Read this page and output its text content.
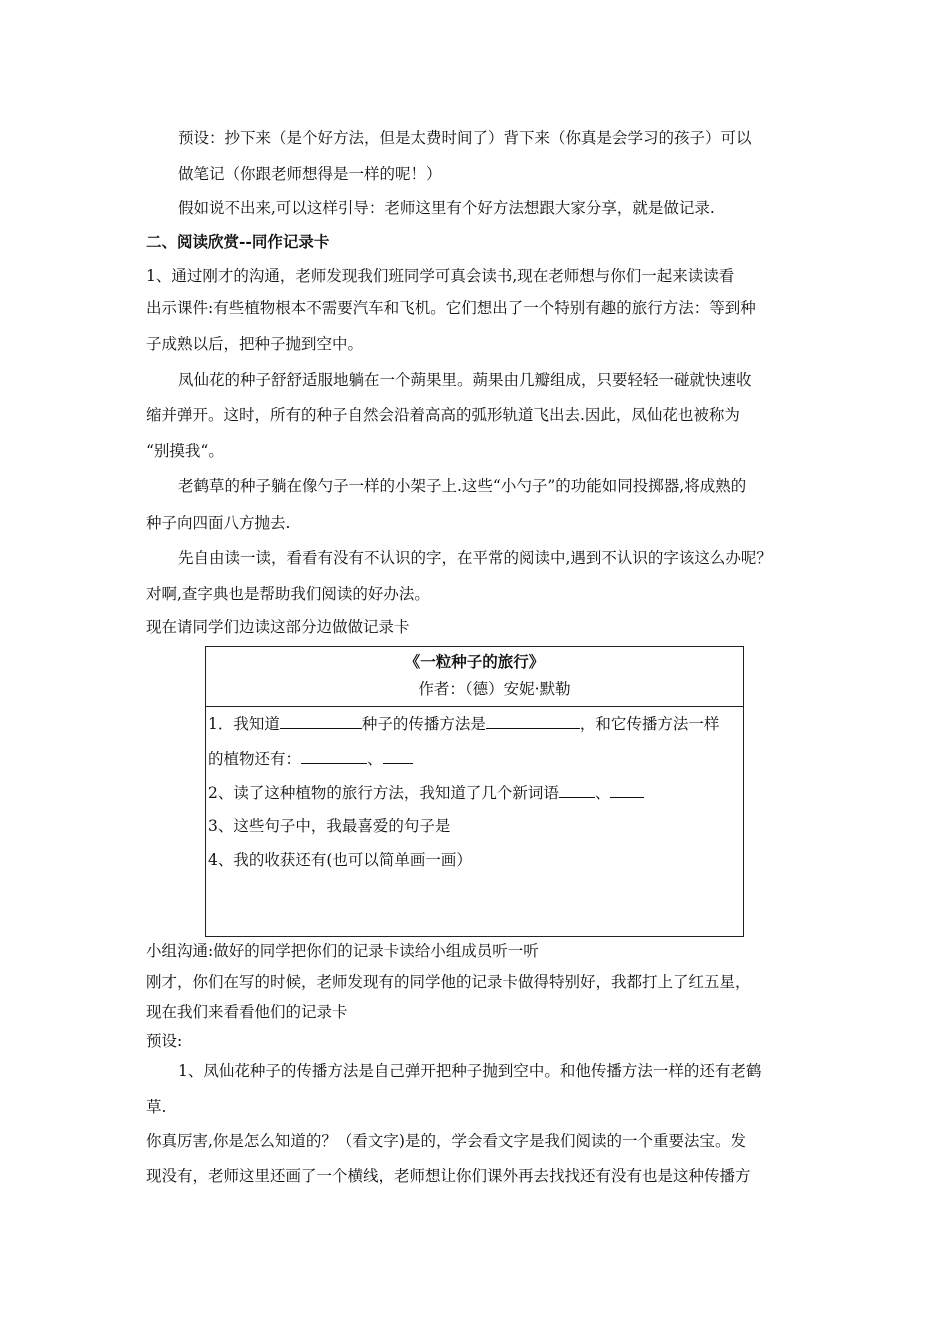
预设：抄下来（是个好方法，但是太费时间了）背下来（你真是会学习的孩子）可以
做笔记（你跟老师想得是一样的呢！）
假如说不出来,可以这样引导：老师这里有个好方法想跟大家分享，就是做记录.
二、阅读欣赏--同作记录卡
1、通过刚才的沟通，老师发现我们班同学可真会读书,现在老师想与你们一起来读读看
出示课件:有些植物根本不需要汽车和飞机。它们想出了一个特别有趣的旅行方法：等到种
子成熟以后，把种子抛到空中。
凤仙花的种子舒舒适服地躺在一个蒴果里。蒴果由几瓣组成，只要轻轻一碰就快速收
缩并弹开。这时，所有的种子自然会沿着高高的弧形轨道飞出去.因此，凤仙花也被称为
“别摸我“。
老鹤草的种子躺在像勺子一样的小架子上.这些“小勺子”的功能如同投掷器,将成熟的
种子向四面八方抛去.
先自由读一读，看看有没有不认识的字，在平常的阅读中,遇到不认识的字该这么办呢？
对啊,查字典也是帮助我们阅读的好办法。
现在请同学们边读这部分边做做记录卡
《一粒种子的旅行》
作者：（德）安妮·默勒
1．我知道	种子的传播方法是	，和它传播方法一样
的植物还有：	、
2、读了这种植物的旅行方法，我知道了几个新词语 、
3、这些句子中，我最喜爱的句子是
4、我的收获还有(也可以简单画一画）
小组沟通:做好的同学把你们的记录卡读给小组成员听一听
刚才，你们在写的时候，老师发现有的同学他的记录卡做得特别好，我都打上了红五星，
现在我们来看看他们的记录卡
预设:
1、凤仙花种子的传播方法是自己弹开把种子抛到空中。和他传播方法一样的还有老鹤
草.
你真厉害,你是怎么知道的？（看文字)是的，学会看文字是我们阅读的一个重要法宝。发
现没有，老师这里还画了一个横线，老师想让你们课外再去找找还有没有也是这种传播方
